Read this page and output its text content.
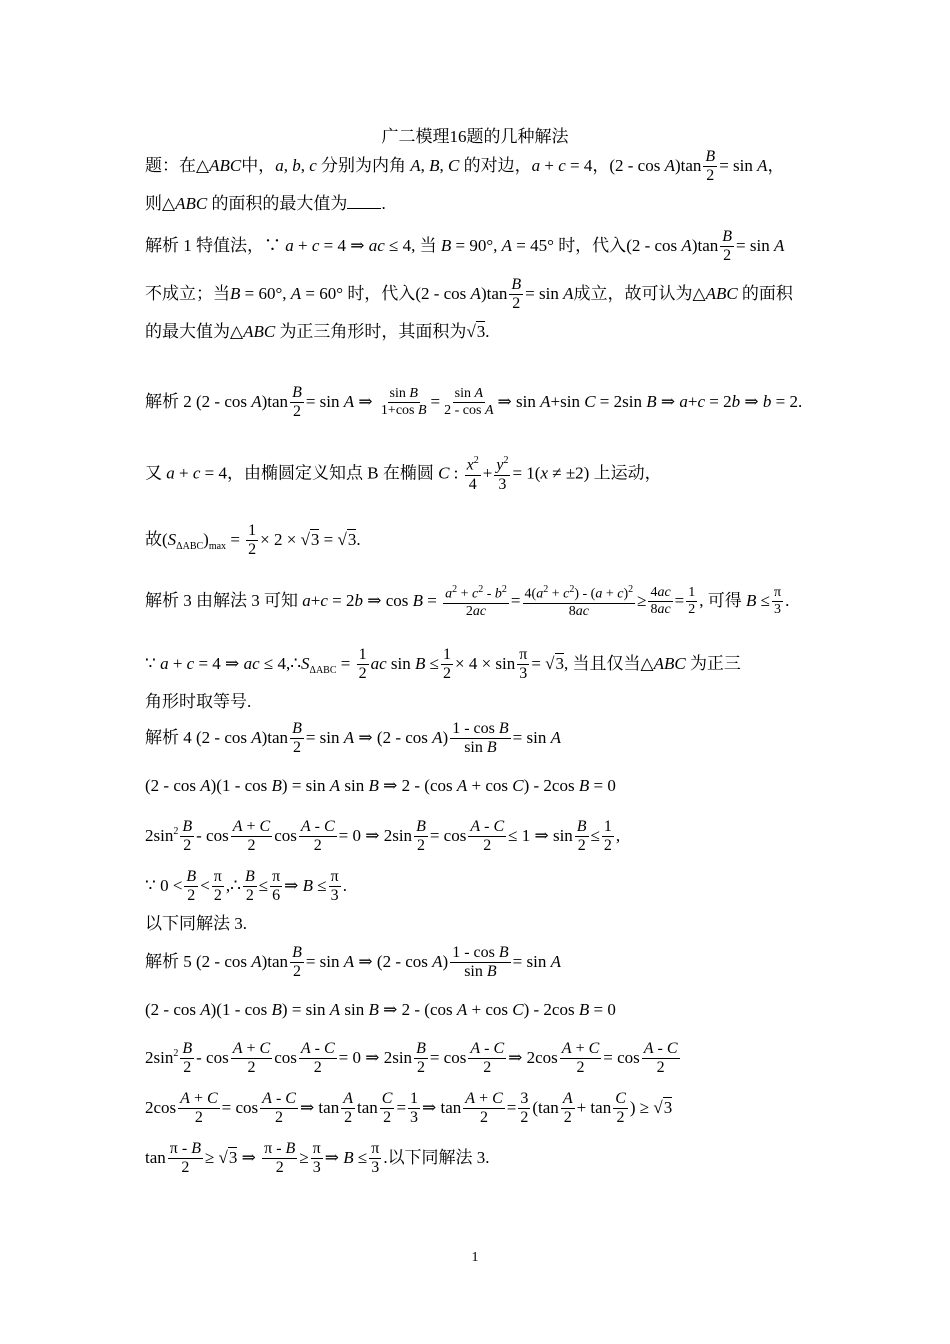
广二模理16题的几种解法
题：在△ABC中，a, b, c 分别为内角 A, B, C 的对边，a + c = 4，$(2 - \cos A)\tan \frac{B}{2} = \sin A$，
则△ABC 的面积的最大值为 .
解析 1 特值法，∵ a + c = 4 ⇒ ac ≤ 4, 当 B = 90°, A = 45° 时，代入$(2 - \cos A)\tan \frac{B}{2} = \sin A$
不成立；当B = 60°, A = 60° 时，代入$(2 - \cos A)\tan \frac{B}{2} = \sin A$成立，故可认为△ABC 的面积
的最大值为△ABC 为正三角形时，其面积为√3.
解析 2 $(2 - \cos A)\tan \frac{B}{2} = \sin A$ ⇒ $\frac{\text{sin B}}{\text{1+cos B}} = \frac{\text{sin A}}{\text{2 - cos A}}$ ⇒ sin A+sin C = 2sin B ⇒ a+c = 2b ⇒ b = 2.
又 a + c = 4，由椭圆定义知点 B 在椭圆 C : $\frac{x^2}{4} + \frac{y^2}{3} = 1(x \ne \pm 2)$ 上运动，
故$(S_{\Delta ABC})_{max} = \frac{1}{2} \times 2 \times √3 = √3$.
解析 3 由解法 3 可知 a+c = 2b ⇒ $\cos B = \frac{a^2 + c^2 - b^2}{2ac} = \frac{4(a^2 + c^2) - (a + c)^2}{8ac} \ge \frac{4ac}{8ac} = \frac{1}{2}$ , 可得 $B \le \frac{\pi}{3}$ .
∵ a + c = 4 ⇒ ac ≤ $4,\therefore S_{\Delta ABC} = \frac{1}{2}$ ac $\sin B \le \frac{1}{2} \times 4 \times \sin \frac{\pi}{3} = √3$, 当且仅当△ABC 为正三
角形时取等号.
解析 4 $(2 - \cos A)\tan \frac{B}{2} = \sin A$ ⇒ $(2 - \cos A) \frac{\text{1 - cos B}}{\text{sin B}} = \sin A$
(2 - cos A)(1 - cos B) = sin A sin B ⇒ 2 - (cos A + cos C) - 2cos B = 0
$2\sin^2 \frac{B}{2}$ - $\cos \frac{A + C}{2}$ $\cos \frac{A - C}{2} = 0$ ⇒ $2\sin \frac{B}{2} = \cos \frac{A - C}{2} \le 1$ ⇒ $\sin \frac{B}{2} \le \frac{1}{2}$ ,
∵ $0 < \frac{B}{2} < \frac{\pi}{2}$ ,∴ $\frac{B}{2} \le \frac{\pi}{6}$ ⇒ $B \le \frac{\pi}{3}$ .
以下同解法 3.
解析 5 $(2 - \cos A)\tan \frac{B}{2} = \sin A$ ⇒ $(2 - \cos A) \frac{\text{1 - cos B}}{\text{sin B}} = \sin A$
(2 - cos A)(1 - cos B) = sin A sin B ⇒ 2 - (cos A + cos C) - 2cos B = 0
$2\sin^2 \frac{B}{2}$ - $\cos \frac{A + C}{2}$ $\cos \frac{A - C}{2} = 0$ ⇒ $2\sin \frac{B}{2} = \cos \frac{A - C}{2}$ ⇒ $2\cos \frac{A + C}{2} = \cos \frac{A - C}{2}$
$2\cos \frac{A + C}{2} = \cos \frac{A - C}{2}$ ⇒ $\tan \frac{A}{2}$ $\tan \frac{C}{2} = \frac{1}{3}$ ⇒ $\tan \frac{A + C}{2} = \frac{3}{2} (\tan \frac{A}{2} + \tan \frac{C}{2}$ ) ≥ √3
$\tan \frac{\pi - B}{2} \ge √3$ ⇒ $\frac{\pi - B}{2} \ge \frac{\pi}{3}$ ⇒ $B \le \frac{\pi}{3}$ .以下同解法 3.
1
